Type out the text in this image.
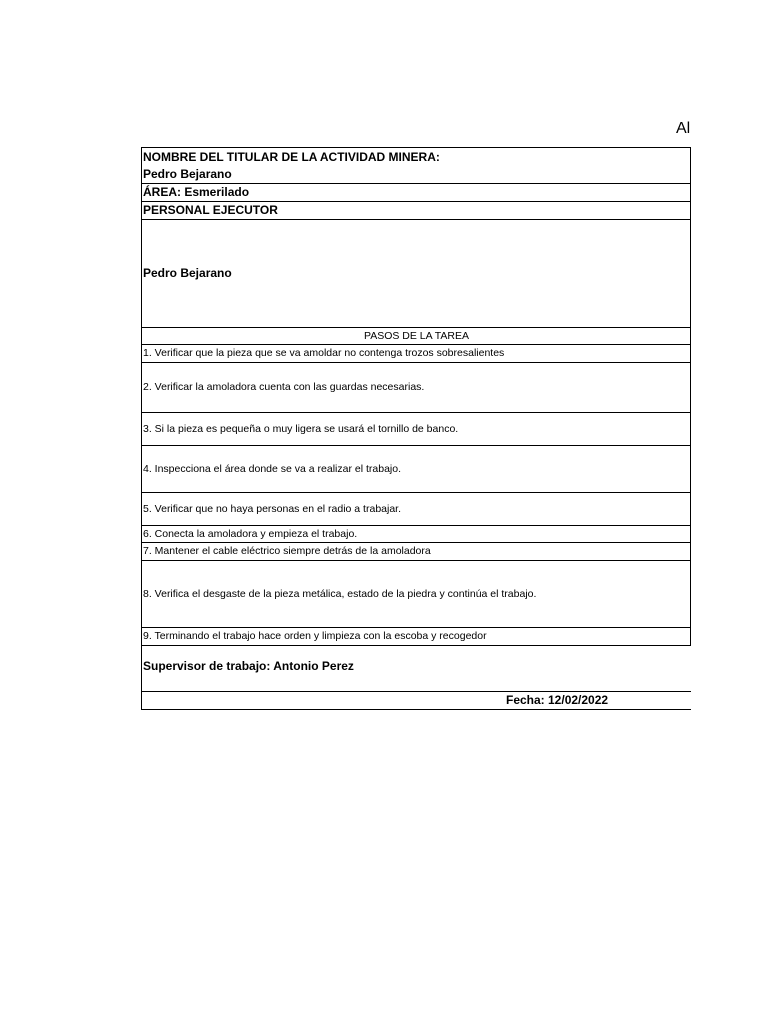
Al
NOMBRE DEL TITULAR DE LA ACTIVIDAD MINERA:
Pedro Bejarano
ÁREA: Esmerilado
PERSONAL EJECUTOR
Pedro Bejarano
PASOS DE LA TAREA
1. Verificar que la pieza que se va amoldar no contenga trozos sobresalientes
2. Verificar la amoladora cuenta con las guardas necesarias.
3. Si la pieza es pequeña o muy ligera se usará el tornillo de banco.
4. Inspecciona el área donde se va a realizar el trabajo.
5. Verificar que no haya personas en el radio a trabajar.
6. Conecta la amoladora y empieza el trabajo.
7. Mantener el cable eléctrico siempre detrás de la amoladora
8. Verifica el desgaste de la pieza metálica, estado de la piedra y continúa el trabajo.
9. Terminando el trabajo hace orden y limpieza con la escoba y recogedor
Supervisor de trabajo: Antonio Perez
Fecha: 12/02/2022
